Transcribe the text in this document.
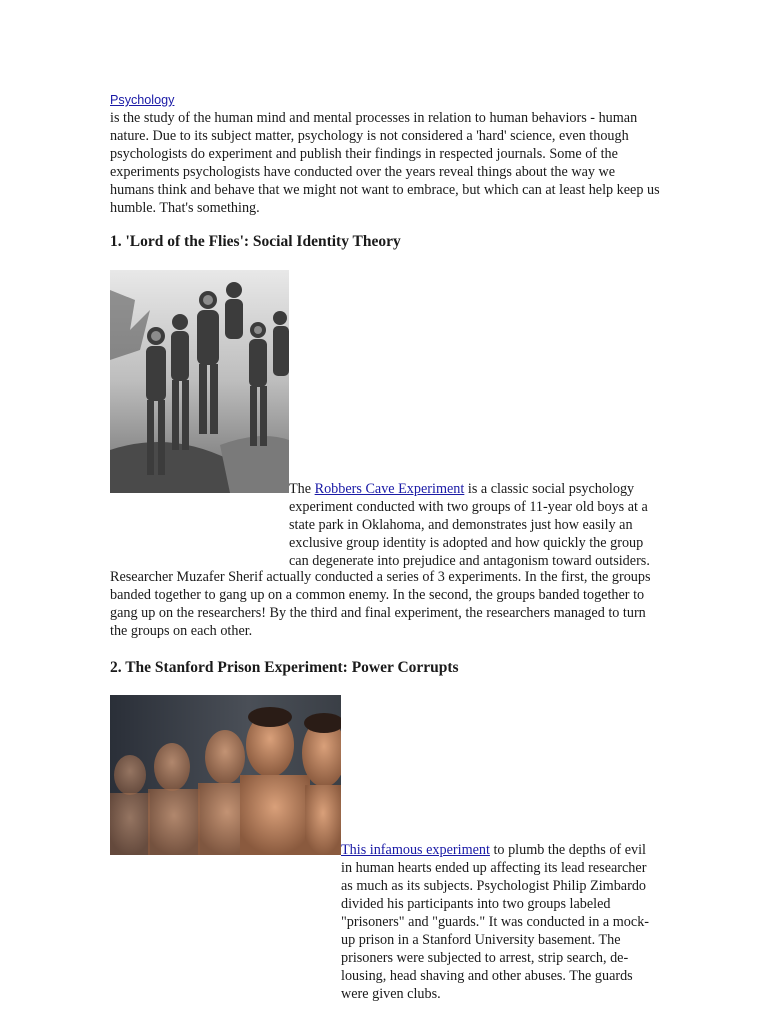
Psychology

is the study of the human mind and mental processes in relation to human behaviors - human nature. Due to its subject matter, psychology is not considered a 'hard' science, even though psychologists do experiment and publish their findings in respected journals. Some of the experiments psychologists have conducted over the years reveal things about the way we humans think and behave that we might not want to embrace, but which can at least help keep us humble. That's something.

1. 'Lord of the Flies': Social Identity Theory

The Robbers Cave Experiment is a classic social psychology experiment conducted with two groups of 11-year old boys at a state park in Oklahoma, and demonstrates just how easily an exclusive group identity is adopted and how quickly the group can degenerate into prejudice and antagonism toward outsiders.

Researcher Muzafer Sherif actually conducted a series of 3 experiments. In the first, the groups banded together to gang up on a common enemy. In the second, the groups banded together to gang up on the researchers! By the third and final experiment, the researchers managed to turn the groups on each other.

2. The Stanford Prison Experiment: Power Corrupts

This infamous experiment to plumb the depths of evil in human hearts ended up affecting its lead researcher as much as its subjects. Psychologist Philip Zimbardo divided his participants into two groups labeled "prisoners" and "guards." It was conducted in a mock-up prison in a Stanford University basement. The prisoners were subjected to arrest, strip search, de-lousing, head shaving and other abuses. The guards were given clubs.
